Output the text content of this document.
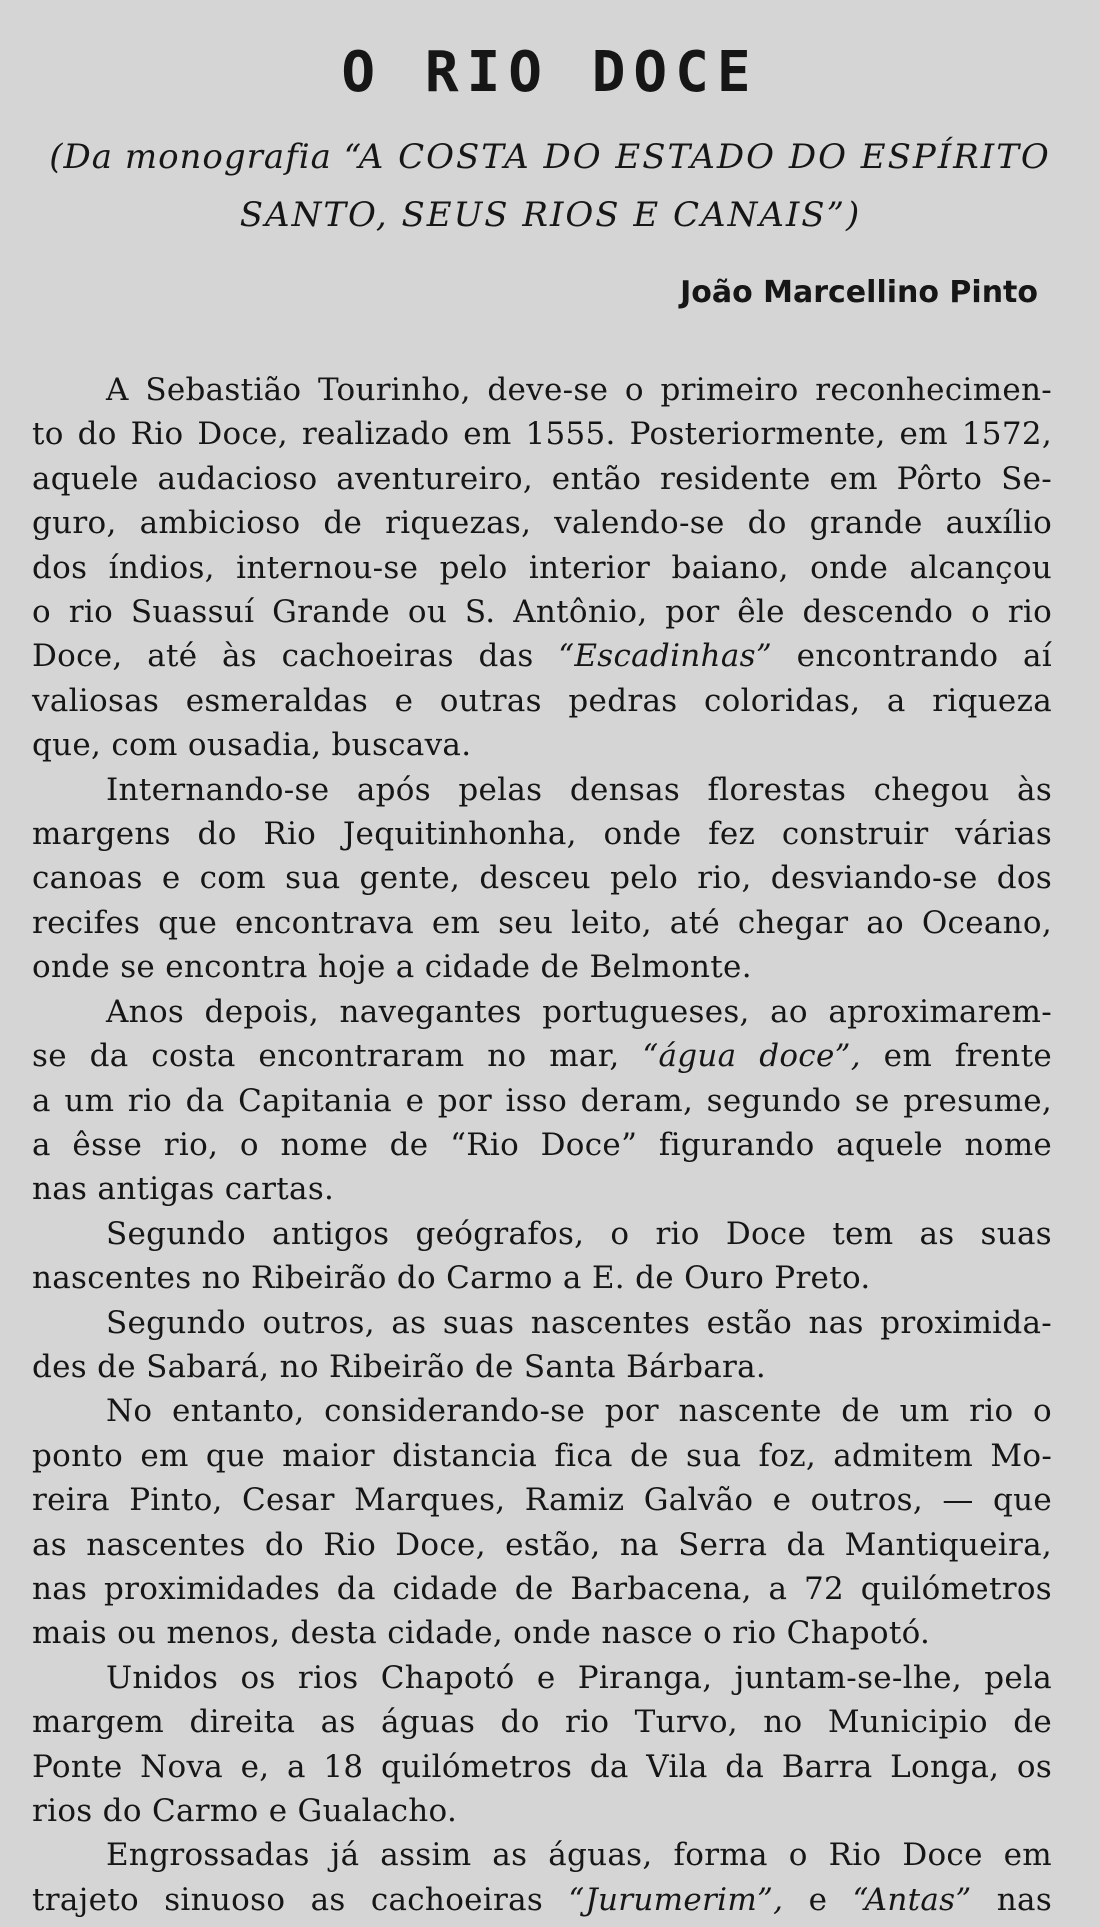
O RIO DOCE
(Da monografia “A COSTA DO ESTADO DO ESPÍRITO
SANTO, SEUS RIOS E CANAIS”)
João Marcellino Pinto

A Sebastião Tourinho, deve-se o primeiro reconhecimen-
to do Rio Doce, realizado em 1555. Posteriormente, em 1572,
aquele audacioso aventureiro, então residente em Pôrto Se-
guro, ambicioso de riquezas, valendo-se do grande auxílio
dos índios, internou-se pelo interior baiano, onde alcançou
o rio Suassuí Grande ou S. Antônio, por êle descendo o rio
Doce, até às cachoeiras das “Escadinhas” encontrando aí
valiosas esmeraldas e outras pedras coloridas, a riqueza
que, com ousadia, buscava.

Internando-se após pelas densas florestas chegou às
margens do Rio Jequitinhonha, onde fez construir várias
canoas e com sua gente, desceu pelo rio, desviando-se dos
recifes que encontrava em seu leito, até chegar ao Oceano,
onde se encontra hoje a cidade de Belmonte.

Anos depois, navegantes portugueses, ao aproximarem-
se da costa encontraram no mar, “água doce”, em frente
a um rio da Capitania e por isso deram, segundo se presume,
a êsse rio, o nome de “Rio Doce” figurando aquele nome
nas antigas cartas.

Segundo antigos geógrafos, o rio Doce tem as suas
nascentes no Ribeirão do Carmo a E. de Ouro Preto.

Segundo outros, as suas nascentes estão nas proximida-
des de Sabará, no Ribeirão de Santa Bárbara.

No entanto, considerando-se por nascente de um rio o
ponto em que maior distancia fica de sua foz, admitem Mo-
reira Pinto, Cesar Marques, Ramiz Galvão e outros, — que
as nascentes do Rio Doce, estão, na Serra da Mantiqueira,
nas proximidades da cidade de Barbacena, a 72 quilómetros
mais ou menos, desta cidade, onde nasce o rio Chapotó.

Unidos os rios Chapotó e Piranga, juntam-se-lhe, pela
margem direita as águas do rio Turvo, no Municipio de
Ponte Nova e, a 18 quilómetros da Vila da Barra Longa, os
rios do Carmo e Gualacho.

Engrossadas já assim as águas, forma o Rio Doce em
trajeto sinuoso as cachoeiras “Jurumerim”, e “Antas” nas
